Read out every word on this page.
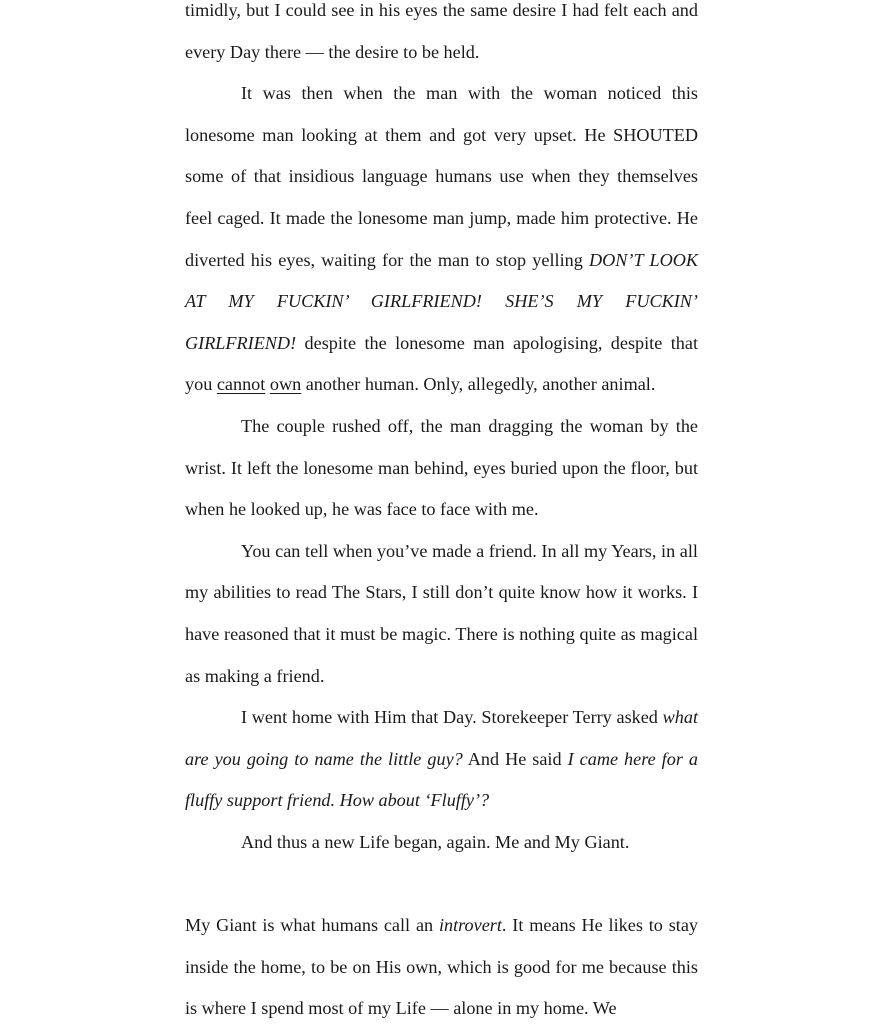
timidly, but I could see in his eyes the same desire I had felt each and every Day there — the desire to be held.

It was then when the man with the woman noticed this lonesome man looking at them and got very upset. He SHOUTED some of that insidious language humans use when they themselves feel caged. It made the lonesome man jump, made him protective. He diverted his eyes, waiting for the man to stop yelling DON’T LOOK AT MY FUCKIN’ GIRLFRIEND! SHE’S MY FUCKIN’ GIRLFRIEND! despite the lonesome man apologising, despite that you cannot own another human. Only, allegedly, another animal.

The couple rushed off, the man dragging the woman by the wrist. It left the lonesome man behind, eyes buried upon the floor, but when he looked up, he was face to face with me.

You can tell when you’ve made a friend. In all my Years, in all my abilities to read The Stars, I still don’t quite know how it works. I have reasoned that it must be magic. There is nothing quite as magical as making a friend.

I went home with Him that Day. Storekeeper Terry asked what are you going to name the little guy? And He said I came here for a fluffy support friend. How about ‘Fluffy’?

And thus a new Life began, again. Me and My Giant.

My Giant is what humans call an introvert. It means He likes to stay inside the home, to be on His own, which is good for me because this is where I spend most of my Life — alone in my home. We
